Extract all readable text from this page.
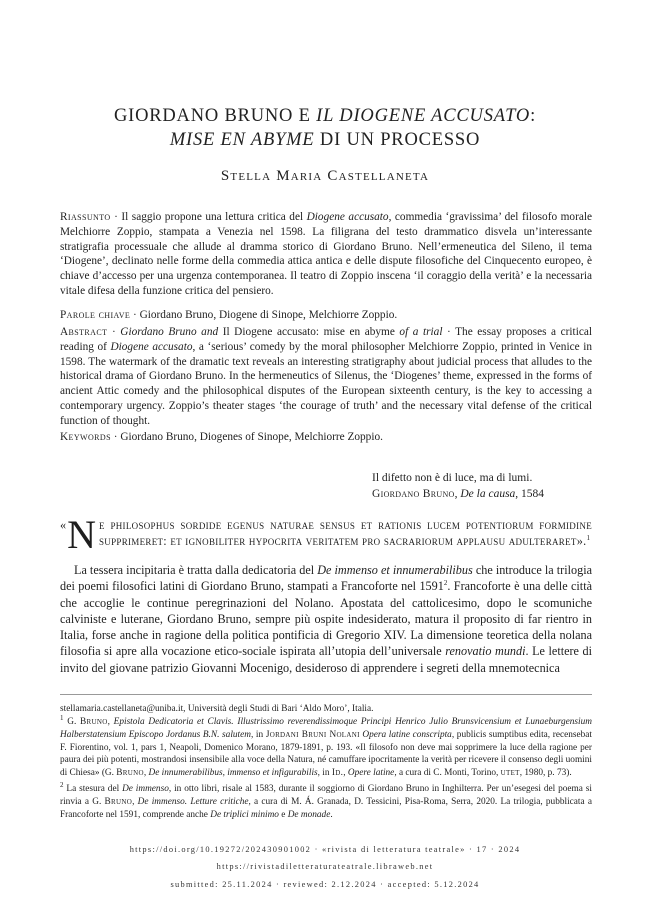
GIORDANO BRUNO E IL DIOGENE ACCUSATO:
MISE EN ABYME DI UN PROCESSO
Stella Maria Castellaneta
Riassunto · Il saggio propone una lettura critica del Diogene accusato, commedia ‘gravissima’ del filosofo morale Melchiorre Zoppio, stampata a Venezia nel 1598. La filigrana del testo drammatico disvela un’interessante stratigrafia processuale che allude al dramma storico di Giordano Bruno. Nell’ermeneutica del Sileno, il tema ‘Diogene’, declinato nelle forme della commedia attica antica e delle dispute filosofiche del Cinquecento europeo, è chiave d’accesso per una urgenza contemporanea. Il teatro di Zoppio inscena ‘il coraggio della verità’ e la necessaria vitale difesa della funzione critica del pensiero.
Parole chiave · Giordano Bruno, Diogene di Sinope, Melchiorre Zoppio.
Abstract · Giordano Bruno and Il Diogene accusato: mise en abyme of a trial · The essay proposes a critical reading of Diogene accusato, a ‘serious’ comedy by the moral philosopher Melchiorre Zoppio, printed in Venice in 1598. The watermark of the dramatic text reveals an interesting stratigraphy about judicial process that alludes to the historical drama of Giordano Bruno. In the hermeneutics of Silenus, the ‘Diogenes’ theme, expressed in the forms of ancient Attic comedy and the philosophical disputes of the European sixteenth century, is the key to accessing a contemporary urgency. Zoppio’s theater stages ‘the courage of truth’ and the necessary vital defense of the critical function of thought.
Keywords · Giordano Bruno, Diogenes of Sinope, Melchiorre Zoppio.
Il difetto non è di luce, ma di lumi.
Giordano Bruno, De la causa, 1584
« N e philosophus sordide egenus naturae sensus et rationis lucem potentiorum formidine supprimeret: et ignobiliter hypocrita veritatem pro sacrariorum applausu adulteraret».$^1$
La tessera incipitaria è tratta dalla dedicatoria del De immenso et innumerabilibus che introduce la trilogia dei poemi filosofici latini di Giordano Bruno, stampati a Francoforte nel 1591$^2$. Francoforte è una delle città che accoglie le continue peregrinazioni del Nolano. Apostata del cattolicesimo, dopo le scomuniche calviniste e luterane, Giordano Bruno, sempre più ospite indesiderato, matura il proposito di far rientro in Italia, forse anche in ragione della politica pontificia di Gregorio XIV. La dimensione teoretica della nolana filosofia si apre alla vocazione etico-sociale ispirata all’utopia dell’universale renovatio mundi. Le lettere di invito del giovane patrizio Giovanni Mocenigo, desideroso di apprendere i segreti della mnemotecnica
stellamaria.castellaneta@uniba.it, Università degli Studi di Bari ‘Aldo Moro’, Italia.
$^1$ G. Bruno, Epistola Dedicatoria et Clavis. Illustrissimo reverendissimoque Principi Henrico Julio Brunsvicensium et Lunaeburgensium Halberstatensium Episcopo Jordanus B.N. salutem, in Jordani Bruni Nolani Opera latine conscripta, publicis sumptibus edita, recensebat F. Fiorentino, vol. 1, pars 1, Neapoli, Domenico Morano, 1879-1891, p. 193. «Il filosofo non deve mai sopprimere la luce della ragione per paura dei più potenti, mostrandosi insensibile alla voce della Natura, né camuffare ipocritamente la verità per ricevere il consenso degli uomini di Chiesa» (G. Bruno, De innumerabilibus, immenso et infigurabilis, in Id., Opere latine, a cura di C. Monti, Torino, utet, 1980, p. 73).
$^2$ La stesura del De immenso, in otto libri, risale al 1583, durante il soggiorno di Giordano Bruno in Inghilterra. Per un’esegesi del poema si rinvia a G. Bruno, De immenso. Letture critiche, a cura di M. Á. Granada, D. Tessicini, Pisa-Roma, Serra, 2020. La trilogia, pubblicata a Francoforte nel 1591, comprende anche De triplici minimo e De monade.
https://doi.org/10.19272/202430901002 · «rivista di letteratura teatrale» · 17 · 2024
https://rivistadiletteraturateatrale.libraweb.net
submitted: 25.11.2024 · reviewed: 2.12.2024 · accepted: 5.12.2024
